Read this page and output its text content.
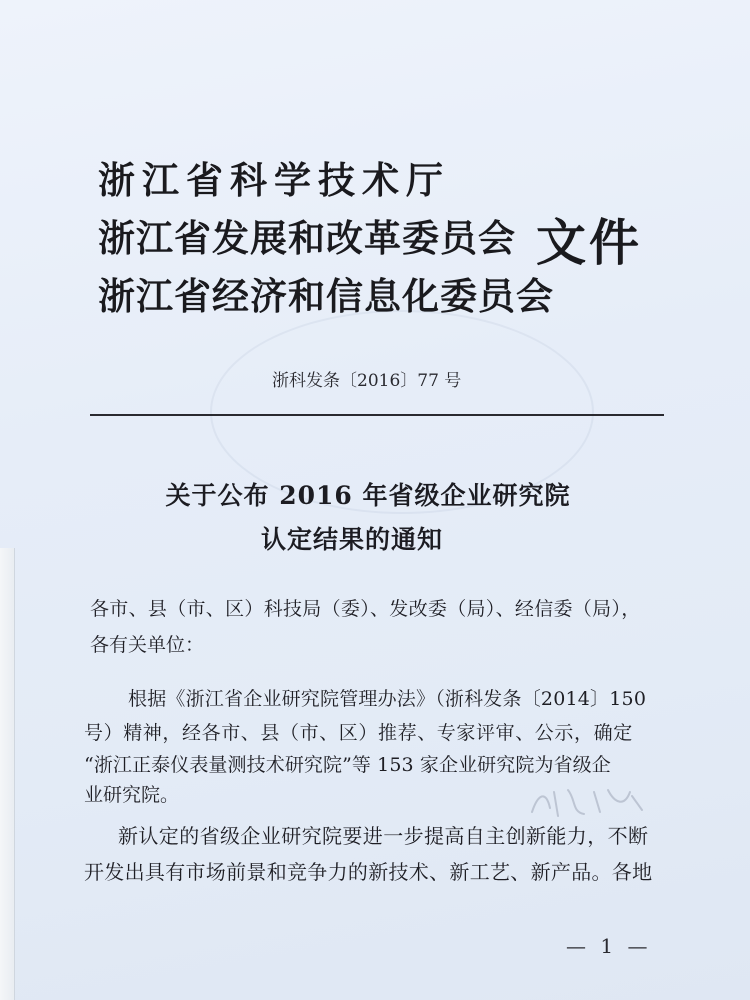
浙江省科学技术厅
浙江省发展和改革委员会
浙江省经济和信息化委员会
文件
浙科发条〔2016〕77 号
关于公布 2016 年省级企业研究院
认定结果的通知
各市、县（市、区）科技局（委）、发改委（局）、经信委（局），
各有关单位：
根据《浙江省企业研究院管理办法》（浙科发条〔2014〕150
号）精神，经各市、县（市、区）推荐、专家评审、公示，确定
“浙江正泰仪表量测技术研究院”等 153 家企业研究院为省级企
业研究院。
新认定的省级企业研究院要进一步提高自主创新能力，不断
开发出具有市场前景和竞争力的新技术、新工艺、新产品。各地
— 1 —
